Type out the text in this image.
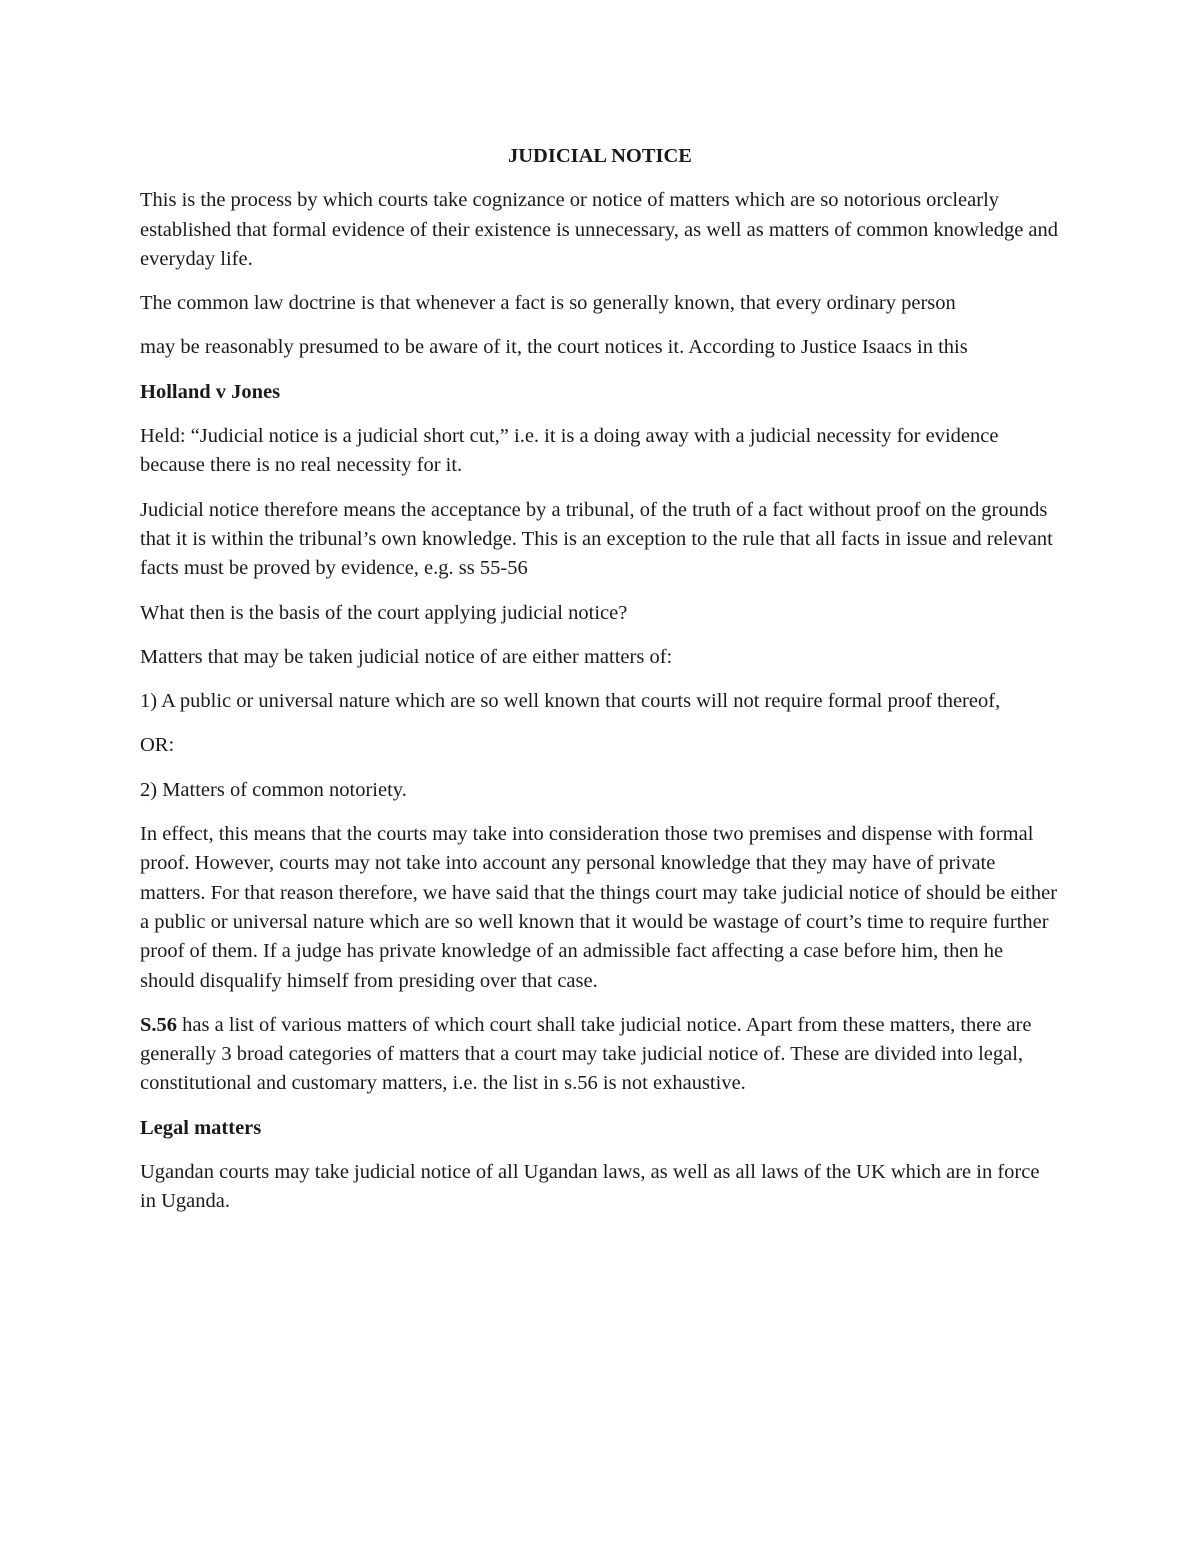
JUDICIAL NOTICE

This is the process by which courts take cognizance or notice of matters which are so notorious orclearly established that formal evidence of their existence is unnecessary, as well as matters of common knowledge and everyday life.

The common law doctrine is that whenever a fact is so generally known, that every ordinary person

may be reasonably presumed to be aware of it, the court notices it. According to Justice Isaacs in this

Holland v Jones

Held: “Judicial notice is a judicial short cut,” i.e. it is a doing away with a judicial necessity for evidence because there is no real necessity for it.

Judicial notice therefore means the acceptance by a tribunal, of the truth of a fact without proof on the grounds that it is within the tribunal’s own knowledge. This is an exception to the rule that all facts in issue and relevant facts must be proved by evidence, e.g. ss 55-56

What then is the basis of the court applying judicial notice?

Matters that may be taken judicial notice of are either matters of:

1) A public or universal nature which are so well known that courts will not require formal proof thereof,

OR:

2) Matters of common notoriety.

In effect, this means that the courts may take into consideration those two premises and dispense with formal proof. However, courts may not take into account any personal knowledge that they may have of private matters. For that reason therefore, we have said that the things court may take judicial notice of should be either a public or universal nature which are so well known that it would be wastage of court’s time to require further proof of them. If a judge has private knowledge of an admissible fact affecting a case before him, then he should disqualify himself from presiding over that case.

S.56 has a list of various matters of which court shall take judicial notice. Apart from these matters, there are generally 3 broad categories of matters that a court may take judicial notice of. These are divided into legal, constitutional and customary matters, i.e. the list in s.56 is not exhaustive.

Legal matters

Ugandan courts may take judicial notice of all Ugandan laws, as well as all laws of the UK which are in force in Uganda.
